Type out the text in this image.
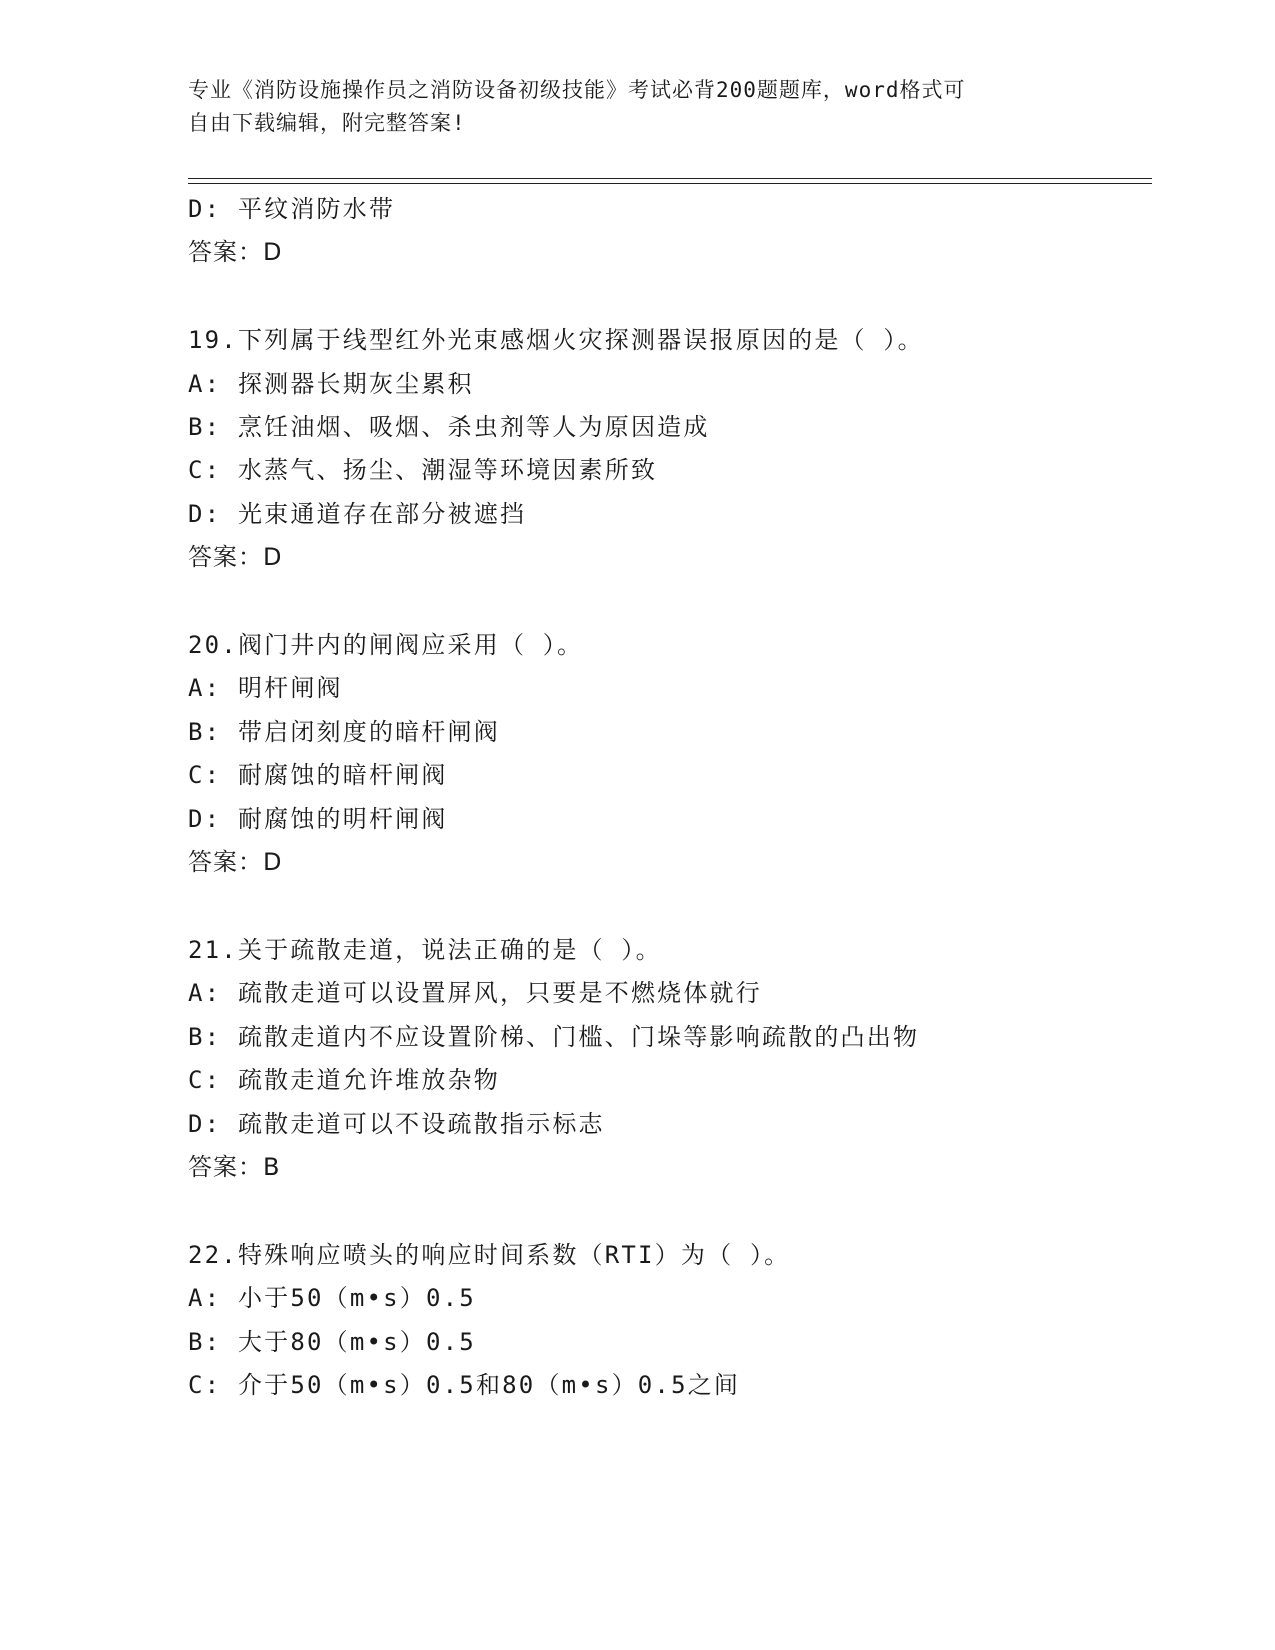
专业《消防设施操作员之消防设备初级技能》考试必背200题题库，word格式可
自由下载编辑，附完整答案!
D: 平纹消防水带
答案：D
19.下列属于线型红外光束感烟火灾探测器误报原因的是（ ）。
A: 探测器长期灰尘累积
B: 烹饪油烟、吸烟、杀虫剂等人为原因造成
C: 水蒸气、扬尘、潮湿等环境因素所致
D: 光束通道存在部分被遮挡
答案：D
20.阀门井内的闸阀应采用（ ）。
A: 明杆闸阀
B: 带启闭刻度的暗杆闸阀
C: 耐腐蚀的暗杆闸阀
D: 耐腐蚀的明杆闸阀
答案：D
21.关于疏散走道，说法正确的是（ ）。
A: 疏散走道可以设置屏风，只要是不燃烧体就行
B: 疏散走道内不应设置阶梯、门槛、门垛等影响疏散的凸出物
C: 疏散走道允许堆放杂物
D: 疏散走道可以不设疏散指示标志
答案：B
22.特殊响应喷头的响应时间系数（RTI）为（ ）。
A: 小于50（m•s）0.5
B: 大于80（m•s）0.5
C: 介于50（m•s）0.5和80（m•s）0.5之间
